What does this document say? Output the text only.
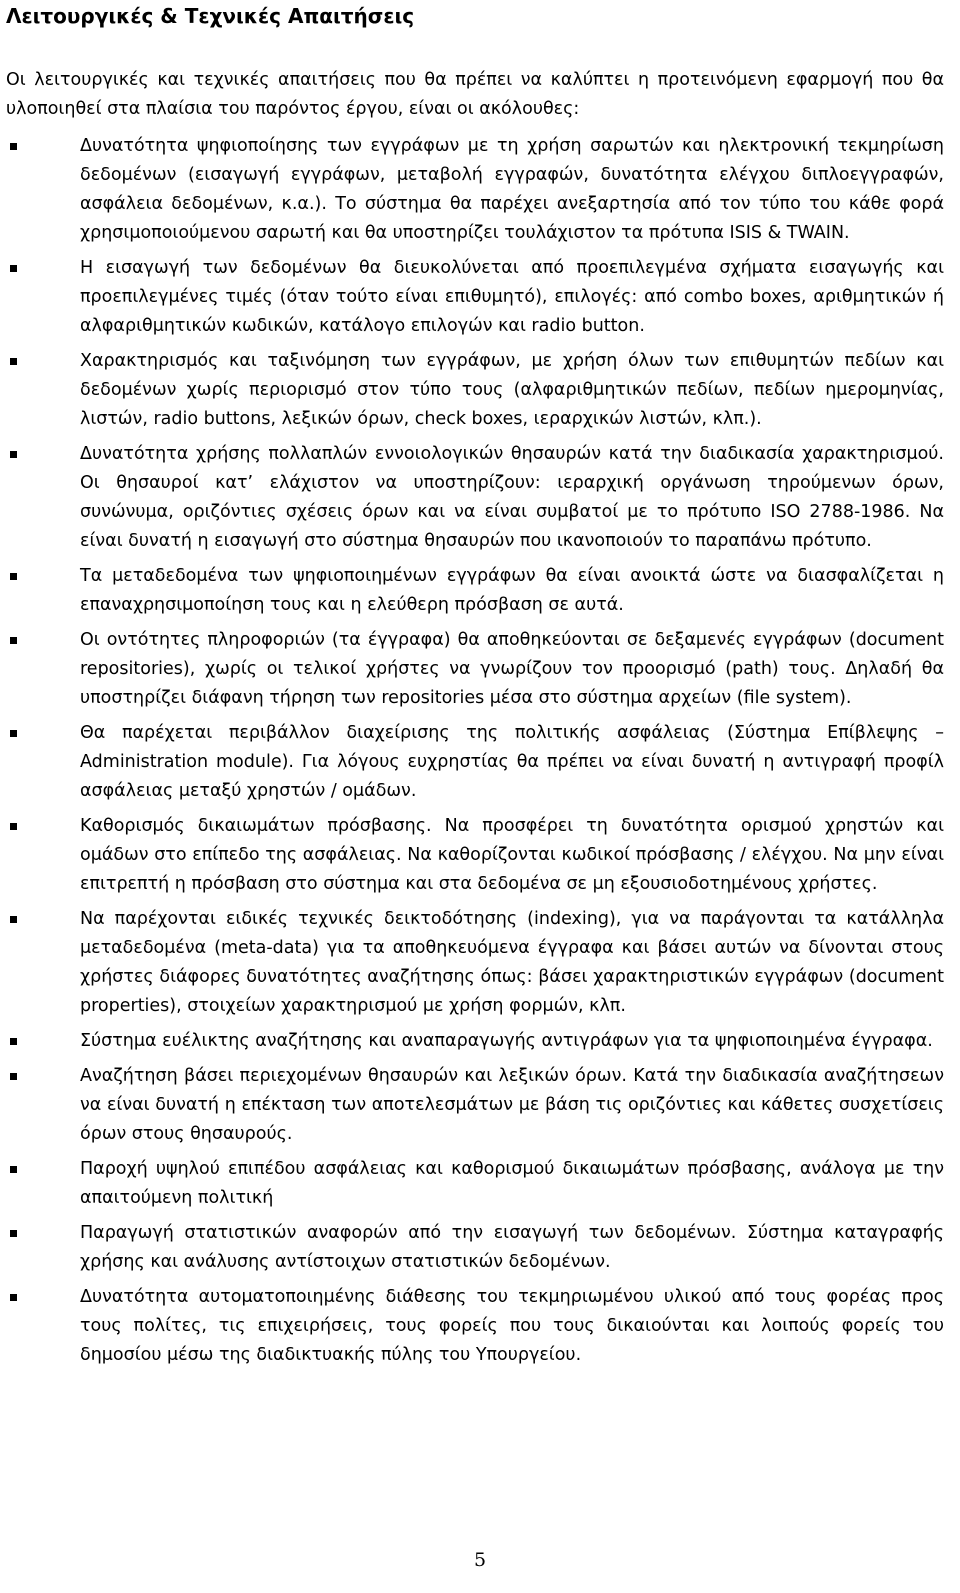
Λειτουργικές & Τεχνικές Απαιτήσεις

Οι λειτουργικές και τεχνικές απαιτήσεις που θα πρέπει να καλύπτει η προτεινόμενη εφαρμογή που θα υλοποιηθεί στα πλαίσια του παρόντος έργου, είναι οι ακόλουθες:

Δυνατότητα ψηφιοποίησης των εγγράφων με τη χρήση σαρωτών και ηλεκτρονική τεκμηρίωση δεδομένων (εισαγωγή εγγράφων, μεταβολή εγγραφών, δυνατότητα ελέγχου διπλοεγγραφών, ασφάλεια δεδομένων, κ.α.). Το σύστημα θα παρέχει ανεξαρτησία από τον τύπο του κάθε φορά χρησιμοποιούμενου σαρωτή και θα υποστηρίζει τουλάχιστον τα πρότυπα ISIS & TWAIN.
Η εισαγωγή των δεδομένων θα διευκολύνεται από προεπιλεγμένα σχήματα εισαγωγής και προεπιλεγμένες τιμές (όταν τούτο είναι επιθυμητό), επιλογές: από combo boxes, αριθμητικών ή αλφαριθμητικών κωδικών, κατάλογο επιλογών και radio button.
Χαρακτηρισμός και ταξινόμηση των εγγράφων, με χρήση όλων των επιθυμητών πεδίων και δεδομένων χωρίς περιορισμό στον τύπο τους (αλφαριθμητικών πεδίων, πεδίων ημερομηνίας, λιστών, radio buttons, λεξικών όρων, check boxes, ιεραρχικών λιστών, κλπ.).
Δυνατότητα χρήσης πολλαπλών εννοιολογικών θησαυρών κατά την διαδικασία χαρακτηρισμού. Οι θησαυροί κατ’ ελάχιστον να υποστηρίζουν: ιεραρχική οργάνωση τηρούμενων όρων, συνώνυμα, οριζόντιες σχέσεις όρων και να είναι συμβατοί με το πρότυπο ISO 2788-1986. Να είναι δυνατή η εισαγωγή στο σύστημα θησαυρών που ικανοποιούν το παραπάνω πρότυπο.
Τα μεταδεδομένα των ψηφιοποιημένων εγγράφων θα είναι ανοικτά ώστε να διασφαλίζεται η επαναχρησιμοποίηση τους και η ελεύθερη πρόσβαση σε αυτά.
Οι οντότητες πληροφοριών (τα έγγραφα) θα αποθηκεύονται σε δεξαμενές εγγράφων (document repositories), χωρίς οι τελικοί χρήστες να γνωρίζουν τον προορισμό (path) τους. Δηλαδή θα υποστηρίζει διάφανη τήρηση των repositories μέσα στο σύστημα αρχείων (file system).
Θα παρέχεται περιβάλλον διαχείρισης της πολιτικής ασφάλειας (Σύστημα Επίβλεψης – Administration module). Για λόγους ευχρηστίας θα πρέπει να είναι δυνατή η αντιγραφή προφίλ ασφάλειας μεταξύ χρηστών / ομάδων.
Καθορισμός δικαιωμάτων πρόσβασης. Να προσφέρει τη δυνατότητα ορισμού χρηστών και ομάδων στο επίπεδο της ασφάλειας. Να καθορίζονται κωδικοί πρόσβασης / ελέγχου. Να μην είναι επιτρεπτή η πρόσβαση στο σύστημα και στα δεδομένα σε μη εξουσιοδοτημένους χρήστες.
Να παρέχονται ειδικές τεχνικές δεικτοδότησης (indexing), για να παράγονται τα κατάλληλα μεταδεδομένα (meta-data) για τα αποθηκευόμενα έγγραφα και βάσει αυτών να δίνονται στους χρήστες διάφορες δυνατότητες αναζήτησης όπως: βάσει χαρακτηριστικών εγγράφων (document properties), στοιχείων χαρακτηρισμού με χρήση φορμών, κλπ.
Σύστημα ευέλικτης αναζήτησης και αναπαραγωγής αντιγράφων για τα ψηφιοποιημένα έγγραφα.
Αναζήτηση βάσει περιεχομένων θησαυρών και λεξικών όρων. Κατά την διαδικασία αναζήτησεων να είναι δυνατή η επέκταση των αποτελεσμάτων με βάση τις οριζόντιες και κάθετες συσχετίσεις όρων στους θησαυρούς.
Παροχή υψηλού επιπέδου ασφάλειας και καθορισμού δικαιωμάτων πρόσβασης, ανάλογα με την απαιτούμενη πολιτική
Παραγωγή στατιστικών αναφορών από την εισαγωγή των δεδομένων. Σύστημα καταγραφής χρήσης και ανάλυσης αντίστοιχων στατιστικών δεδομένων.
Δυνατότητα αυτοματοποιημένης διάθεσης του τεκμηριωμένου υλικού από τους φορέας προς τους πολίτες, τις επιχειρήσεις, τους φορείς που τους δικαιούνται και λοιπούς φορείς του δημοσίου μέσω της διαδικτυακής πύλης του Υπουργείου.
5
